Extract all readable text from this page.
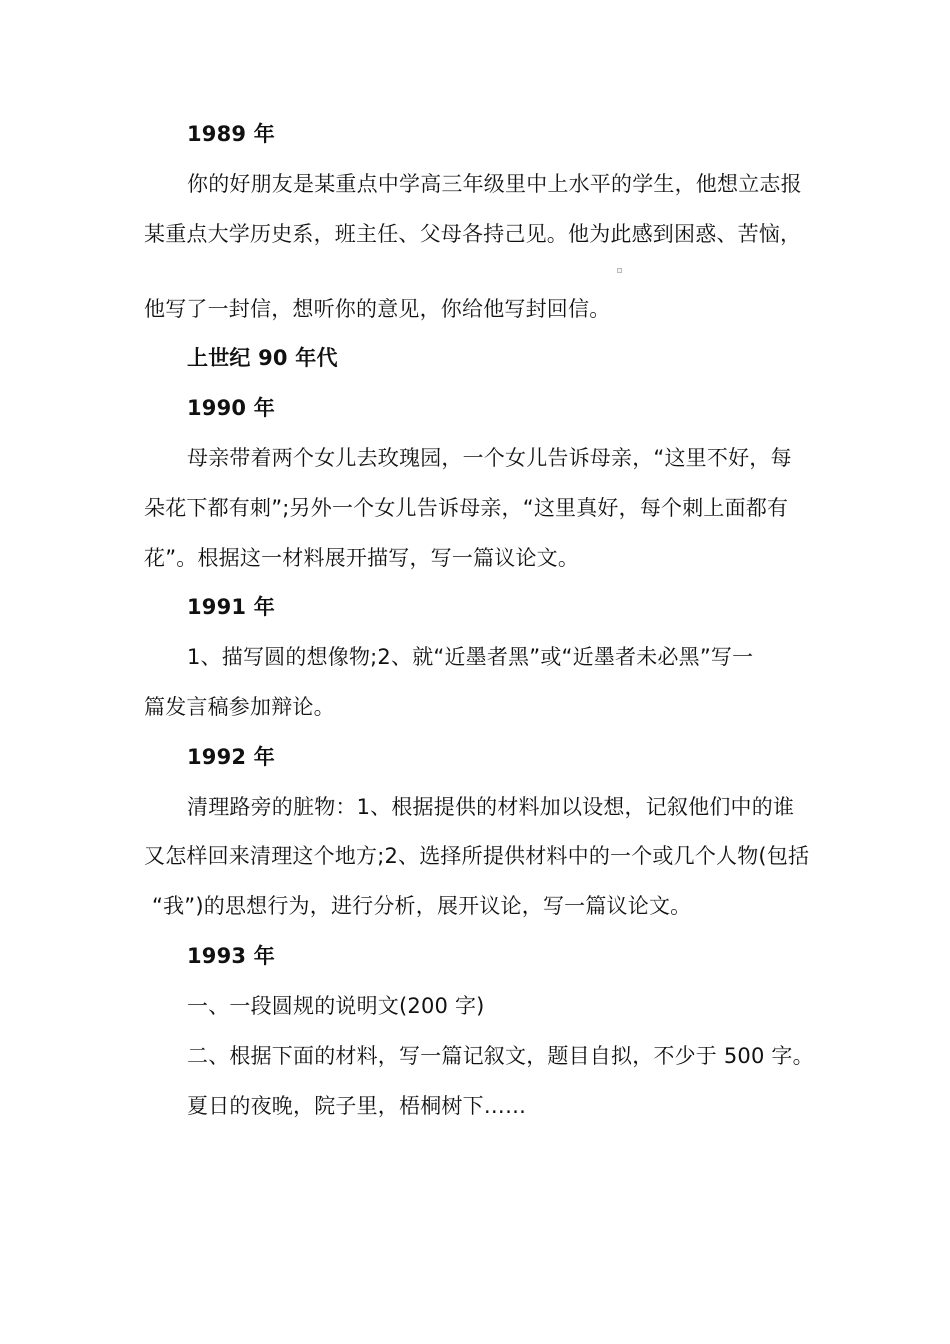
1989 年
你的好朋友是某重点中学高三年级里中上水平的学生，他想立志报
某重点大学历史系，班主任、父母各持己见。他为此感到困惑、苦恼，
他写了一封信，想听你的意见，你给他写封回信。
上世纪 90 年代
1990 年
母亲带着两个女儿去玫瑰园，一个女儿告诉母亲，“这里不好，每
朵花下都有刺”;另外一个女儿告诉母亲，“这里真好，每个刺上面都有
花”。根据这一材料展开描写，写一篇议论文。
1991 年
1、描写圆的想像物;2、就“近墨者黑”或“近墨者未必黑”写一
篇发言稿参加辩论。
1992 年
清理路旁的脏物：1、根据提供的材料加以设想，记叙他们中的谁
又怎样回来清理这个地方;2、选择所提供材料中的一个或几个人物(包括
“我”)的思想行为，进行分析，展开议论，写一篇议论文。
1993 年
一、一段圆规的说明文(200 字)
二、根据下面的材料，写一篇记叙文，题目自拟，不少于 500 字。
夏日的夜晚，院子里，梧桐树下……
